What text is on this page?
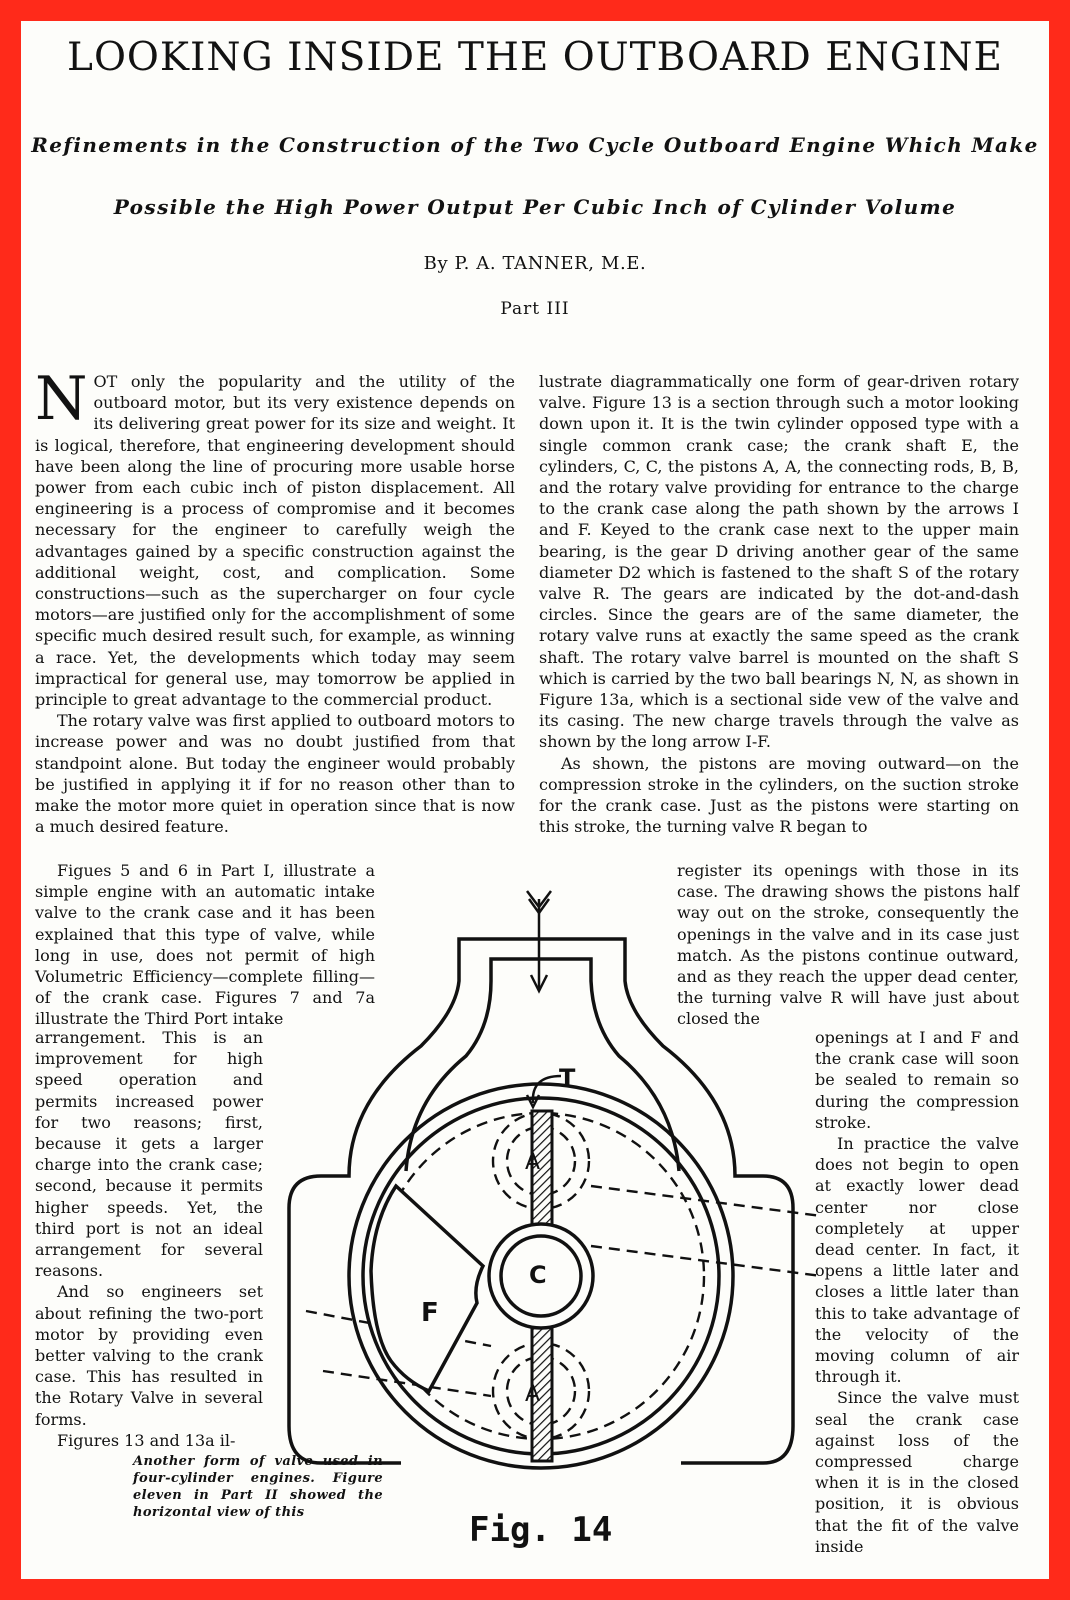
LOOKING INSIDE THE OUTBOARD ENGINE
Refinements in the Construction of the Two Cycle Outboard Engine Which Make
Possible the High Power Output Per Cubic Inch of Cylinder Volume
By P. A. TANNER, M.E.
Part III
N OT only the popularity and the utility of the outboard motor, but its very existence depends on its delivering great power for its size and weight. It is logical, therefore, that engineering development should have been along the line of procuring more usable horse power from each cubic inch of piston displacement. All engineering is a process of compromise and it becomes necessary for the engineer to carefully weigh the advantages gained by a specific construction against the additional weight, cost, and complication. Some constructions—such as the supercharger on four cycle motors—are justified only for the accomplishment of some specific much desired result such, for example, as winning a race. Yet, the developments which today may seem impractical for general use, may tomorrow be applied in principle to great advantage to the commercial product.

The rotary valve was first applied to outboard motors to increase power and was no doubt justified from that standpoint alone. But today the engineer would probably be justified in applying it if for no reason other than to make the motor more quiet in operation since that is now a much desired feature.

Figues 5 and 6 in Part I, illustrate a simple engine with an automatic intake valve to the crank case and it has been explained that this type of valve, while long in use, does not permit of high Volumetric Efficiency—complete filling—of the crank case. Figures 7 and 7a illustrate the Third Port intake

arrangement. This is an improvement for high speed operation and permits increased power for two reasons; first, because it gets a larger charge into the crank case; second, because it permits higher speeds. Yet, the third port is not an ideal arrangement for several reasons.

And so engineers set about refining the two-port motor by providing even better valving to the crank case. This has resulted in the Rotary Valve in several forms.

Figures 13 and 13a il-

lustrate diagrammatically one form of gear-driven rotary valve. Figure 13 is a section through such a motor looking down upon it. It is the twin cylinder opposed type with a single common crank case; the crank shaft E, the cylinders, C, C, the pistons A, A, the connecting rods, B, B, and the rotary valve providing for entrance to the charge to the crank case along the path shown by the arrows I and F. Keyed to the crank case next to the upper main bearing, is the gear D driving another gear of the same diameter D2 which is fastened to the shaft S of the rotary valve R. The gears are indicated by the dot-and-dash circles. Since the gears are of the same diameter, the rotary valve runs at exactly the same speed as the crank shaft. The rotary valve barrel is mounted on the shaft S which is carried by the two ball bearings N, N, as shown in Figure 13a, which is a sectional side vew of the valve and its casing. The new charge travels through the valve as shown by the long arrow I-F.

As shown, the pistons are moving outward—on the compression stroke in the cylinders, on the suction stroke for the crank case. Just as the pistons were starting on this stroke, the turning valve R began to

register its openings with those in its case. The drawing shows the pistons half way out on the stroke, consequently the openings in the valve and in its case just match. As the pistons continue outward, and as they reach the upper dead center, the turning valve R will have just about closed the

openings at I and F and the crank case will soon be sealed to remain so during the compression stroke.

In practice the valve does not begin to open at exactly lower dead center nor close completely at upper dead center. In fact, it opens a little later and closes a little later than this to take advantage of the velocity of the moving column of air through it.

Since the valve must seal the crank case against loss of the compressed charge when it is in the closed position, it is obvious that the fit of the valve inside

T
A
C
F
A
Fig. 14
Another form of valve used in four-cylinder engines. Figure eleven in Part II showed the horizontal view of this
